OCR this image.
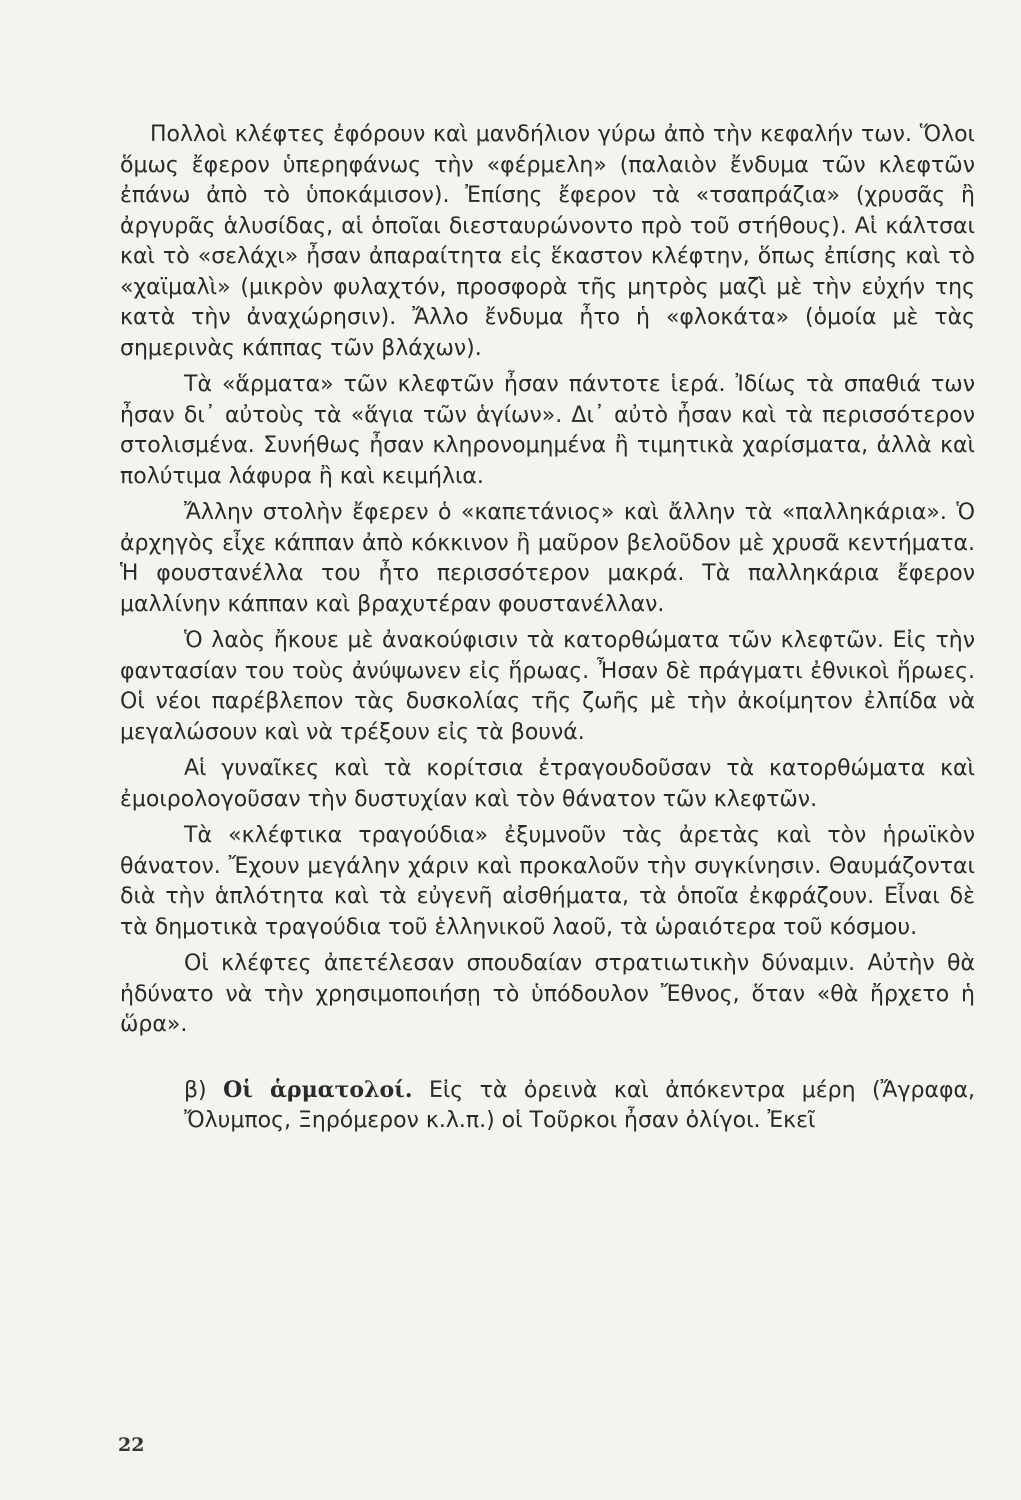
Πολλοὶ κλέφτες ἐφόρουν καὶ μανδήλιον γύρω ἀπὸ τὴν κεφαλήν των. Ὅλοι ὅμως ἔφερον ὑπερηφάνως τὴν «φέρμελη» (παλαιὸν ἔνδυμα τῶν κλεφτῶν ἐπάνω ἀπὸ τὸ ὑποκάμισον). Ἐπίσης ἔφερον τὰ «τσαπράζια» (χρυσᾶς ἢ ἀργυρᾶς ἁλυσίδας, αἱ ὁποῖαι διεσταυρώνοντο πρὸ τοῦ στήθους). Αἱ κάλτσαι καὶ τὸ «σελάχι» ἦσαν ἀπαραίτητα εἰς ἕκαστον κλέφτην, ὅπως ἐπίσης καὶ τὸ «χαϊμαλὶ» (μικρὸν φυλαχτόν, προσφορὰ τῆς μητρὸς μαζὶ μὲ τὴν εὐχήν της κατὰ τὴν ἀναχώρησιν). Ἄλλο ἔνδυμα ἦτο ἡ «φλοκάτα» (ὁμοία μὲ τὰς σημερινὰς κάππας τῶν βλάχων).

Τὰ «ἅρματα» τῶν κλεφτῶν ἦσαν πάντοτε ἱερά. Ἰδίως τὰ σπαθιά των ἦσαν δι᾿ αὐτοὺς τὰ «ἅγια τῶν ἁγίων». Δι᾿ αὐτὸ ἦσαν καὶ τὰ περισσότερον στολισμένα. Συνήθως ἦσαν κληρονομημένα ἢ τιμητικὰ χαρίσματα, ἀλλὰ καὶ πολύτιμα λάφυρα ἢ καὶ κειμήλια.

Ἄλλην στολὴν ἔφερεν ὁ «καπετάνιος» καὶ ἄλλην τὰ «παλληκάρια». Ὁ ἀρχηγὸς εἶχε κάππαν ἀπὸ κόκκινον ἢ μαῦρον βελοῦδον μὲ χρυσᾶ κεντήματα. Ἡ φουστανέλλα του ἦτο περισσότερον μακρά. Τὰ παλληκάρια ἔφερον μαλλίνην κάππαν καὶ βραχυτέραν φουστανέλλαν.

Ὁ λαὸς ἤκουε μὲ ἀνακούφισιν τὰ κατορθώματα τῶν κλεφτῶν. Εἰς τὴν φαντασίαν του τοὺς ἀνύψωνεν εἰς ἥρωας. Ἦσαν δὲ πράγματι ἐθνικοὶ ἥρωες. Οἱ νέοι παρέβλεπον τὰς δυσκολίας τῆς ζωῆς μὲ τὴν ἀκοίμητον ἐλπίδα νὰ μεγαλώσουν καὶ νὰ τρέξουν εἰς τὰ βουνά.

Αἱ γυναῖκες καὶ τὰ κορίτσια ἐτραγουδοῦσαν τὰ κατορθώματα καὶ ἐμοιρολογοῦσαν τὴν δυστυχίαν καὶ τὸν θάνατον τῶν κλεφτῶν.

Τὰ «κλέφτικα τραγούδια» ἐξυμνοῦν τὰς ἀρετὰς καὶ τὸν ἡρωϊκὸν θάνατον. Ἔχουν μεγάλην χάριν καὶ προκαλοῦν τὴν συγκίνησιν. Θαυμάζονται διὰ τὴν ἁπλότητα καὶ τὰ εὐγενῆ αἰσθήματα, τὰ ὁποῖα ἐκφράζουν. Εἶναι δὲ τὰ δημοτικὰ τραγούδια τοῦ ἑλληνικοῦ λαοῦ, τὰ ὡραιότερα τοῦ κόσμου.

Οἱ κλέφτες ἀπετέλεσαν σπουδαίαν στρατιωτικὴν δύναμιν. Αὐτὴν θὰ ἠδύνατο νὰ τὴν χρησιμοποιήσῃ τὸ ὑπόδουλον Ἔθνος, ὅταν «θὰ ἤρχετο ἡ ὥρα».

β) Οἱ ἁρματολοί. Εἰς τὰ ὀρεινὰ καὶ ἀπόκεντρα μέρη (Ἄγραφα, Ὄλυμπος, Ξηρόμερον κ.λ.π.) οἱ Τοῦρκοι ἦσαν ὀλίγοι. Ἐκεῖ

22
